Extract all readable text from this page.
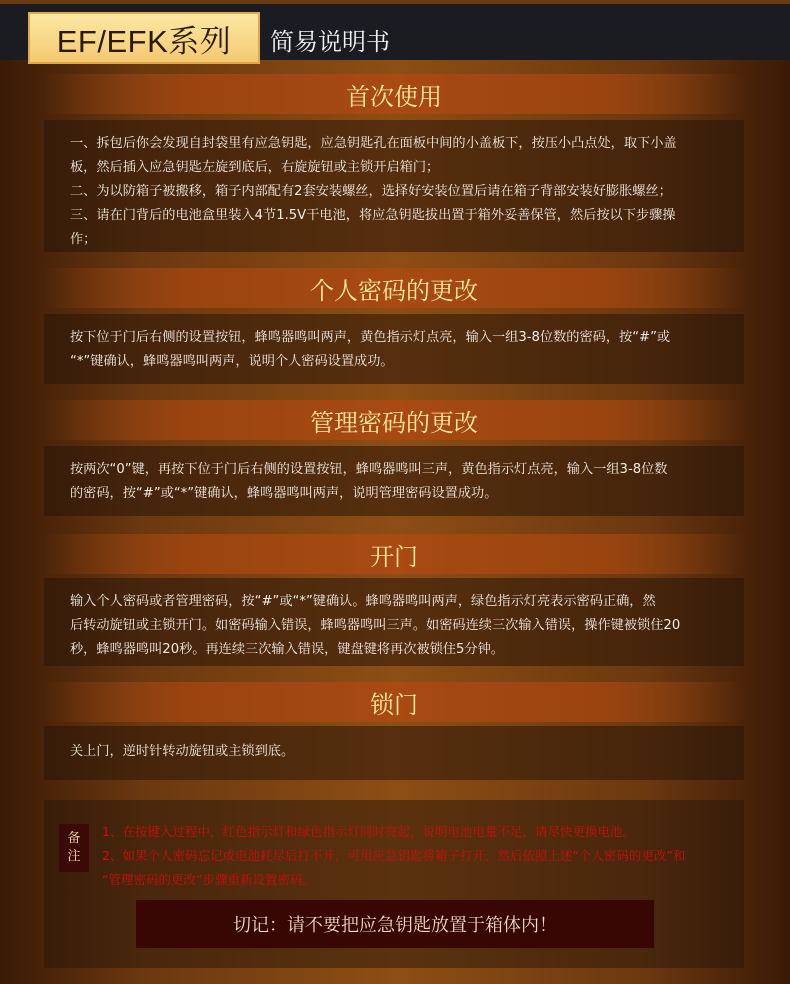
EF/EFK系列 简易说明书
首次使用

一、拆包后你会发现自封袋里有应急钥匙，应急钥匙孔在面板中间的小盖板下，按压小凸点处，取下小盖

板，然后插入应急钥匙左旋到底后，右旋旋钮或主锁开启箱门；

二、为以防箱子被搬移，箱子内部配有2套安装螺丝，选择好安装位置后请在箱子背部安装好膨胀螺丝；

三、请在门背后的电池盒里装入4节1.5V干电池，将应急钥匙拔出置于箱外妥善保管，然后按以下步骤操

作；

个人密码的更改

按下位于门后右侧的设置按钮，蜂鸣器鸣叫两声，黄色指示灯点亮，输入一组3-8位数的密码，按“#”或

“*”键确认，蜂鸣器鸣叫两声，说明个人密码设置成功。

管理密码的更改

按两次“0”键，再按下位于门后右侧的设置按钮，蜂鸣器鸣叫三声，黄色指示灯点亮，输入一组3-8位数

的密码，按“#”或“*”键确认，蜂鸣器鸣叫两声，说明管理密码设置成功。

开门

输入个人密码或者管理密码，按“#”或“*”键确认。蜂鸣器鸣叫两声，绿色指示灯亮表示密码正确，然

后转动旋钮或主锁开门。如密码输入错误，蜂鸣器鸣叫三声。如密码连续三次输入错误，操作键被锁住20

秒，蜂鸣器鸣叫20秒。再连续三次输入错误，键盘键将再次被锁住5分钟。

锁门

关上门，逆时针转动旋钮或主锁到底。

备
注

1、在按键入过程中，红色指示灯和绿色指示灯同时亮起，说明电池电量不足，请尽快更换电池。

2、如果个人密码忘记或电池耗尽后打不开，可用应急钥匙将箱子打开，然后依照上述“个人密码的更改”和

“管理密码的更改”步骤重新设置密码。

切记：请不要把应急钥匙放置于箱体内！
